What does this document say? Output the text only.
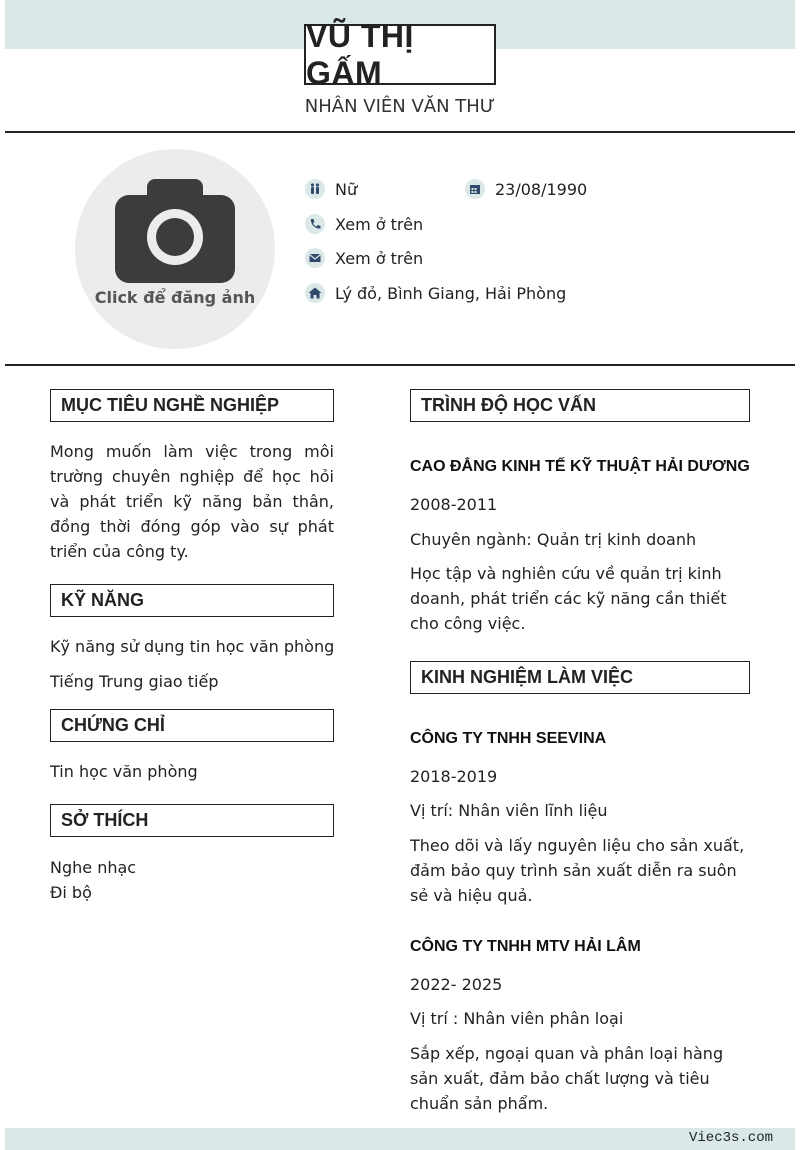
VŨ THỊ GẤM
NHÂN VIÊN VĂN THƯ
Click để đăng ảnh
Nữ	23/08/1990
Xem ở trên
Xem ở trên
Lý đỏ, Bình Giang, Hải Phòng
MỤC TIÊU NGHỀ NGHIỆP
Mong muốn làm việc trong môi trường chuyên nghiệp để học hỏi và phát triển kỹ năng bản thân, đồng thời đóng góp vào sự phát triển của công ty.
KỸ NĂNG
Kỹ năng sử dụng tin học văn phòng
Tiếng Trung giao tiếp
CHỨNG CHỈ
Tin học văn phòng
SỞ THÍCH
Nghe nhạc
Đi bộ
TRÌNH ĐỘ HỌC VẤN
CAO ĐẲNG KINH TẾ KỸ THUẬT HẢI DƯƠNG
2008-2011
Chuyên ngành: Quản trị kinh doanh
Học tập và nghiên cứu về quản trị kinh doanh, phát triển các kỹ năng cần thiết cho công việc.
KINH NGHIỆM LÀM VIỆC
CÔNG TY TNHH SEEVINA
2018-2019
Vị trí: Nhân viên lĩnh liệu
Theo dõi và lấy nguyên liệu cho sản xuất, đảm bảo quy trình sản xuất diễn ra suôn sẻ và hiệu quả.
CÔNG TY TNHH MTV HẢI LÂM
2022- 2025
Vị trí : Nhân viên phân loại
Sắp xếp, ngoại quan và phân loại hàng sản xuất, đảm bảo chất lượng và tiêu chuẩn sản phẩm.
Viec3s.com
